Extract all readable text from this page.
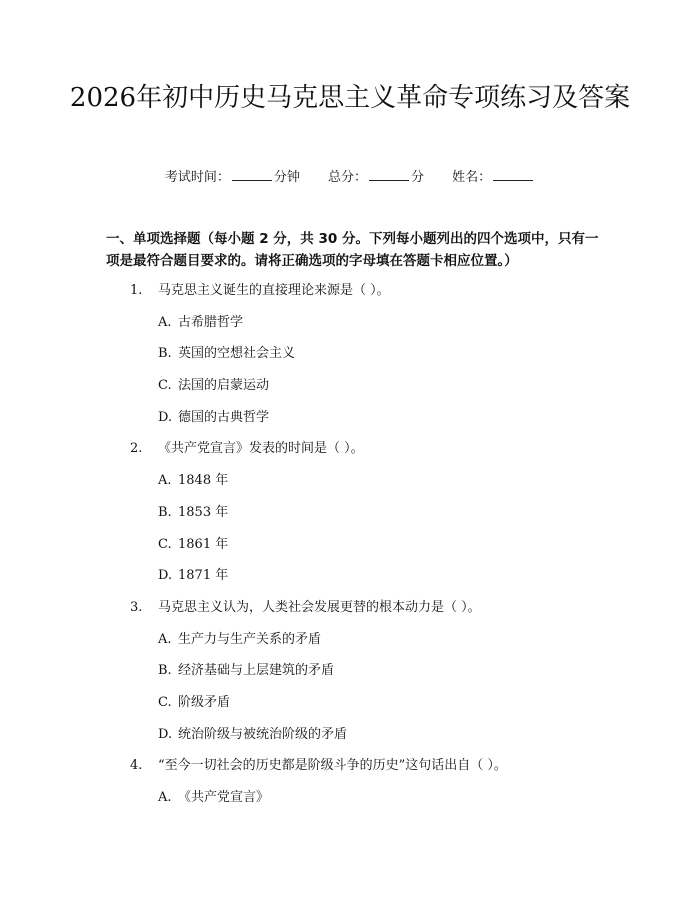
2026年初中历史马克思主义革命专项练习及答案
考试时间：	分钟 总分：	分 姓名：

一、单项选择题（每小题 2 分，共 30 分。下列每小题列出的四个选项中，只有一项是最符合题目要求的。请将正确选项的字母填在答题卡相应位置。）

1.	马克思主义诞生的直接理论来源是（ ）。
A. 古希腊哲学
B. 英国的空想社会主义
C. 法国的启蒙运动
D. 德国的古典哲学
2.	《共产党宣言》发表的时间是（ ）。
A. 1848 年
B. 1853 年
C. 1861 年
D. 1871 年
3.	马克思主义认为，人类社会发展更替的根本动力是（ ）。
A. 生产力与生产关系的矛盾
B. 经济基础与上层建筑的矛盾
C. 阶级矛盾
D. 统治阶级与被统治阶级的矛盾
4.	“至今一切社会的历史都是阶级斗争的历史”这句话出自（ ）。
A. 《共产党宣言》
